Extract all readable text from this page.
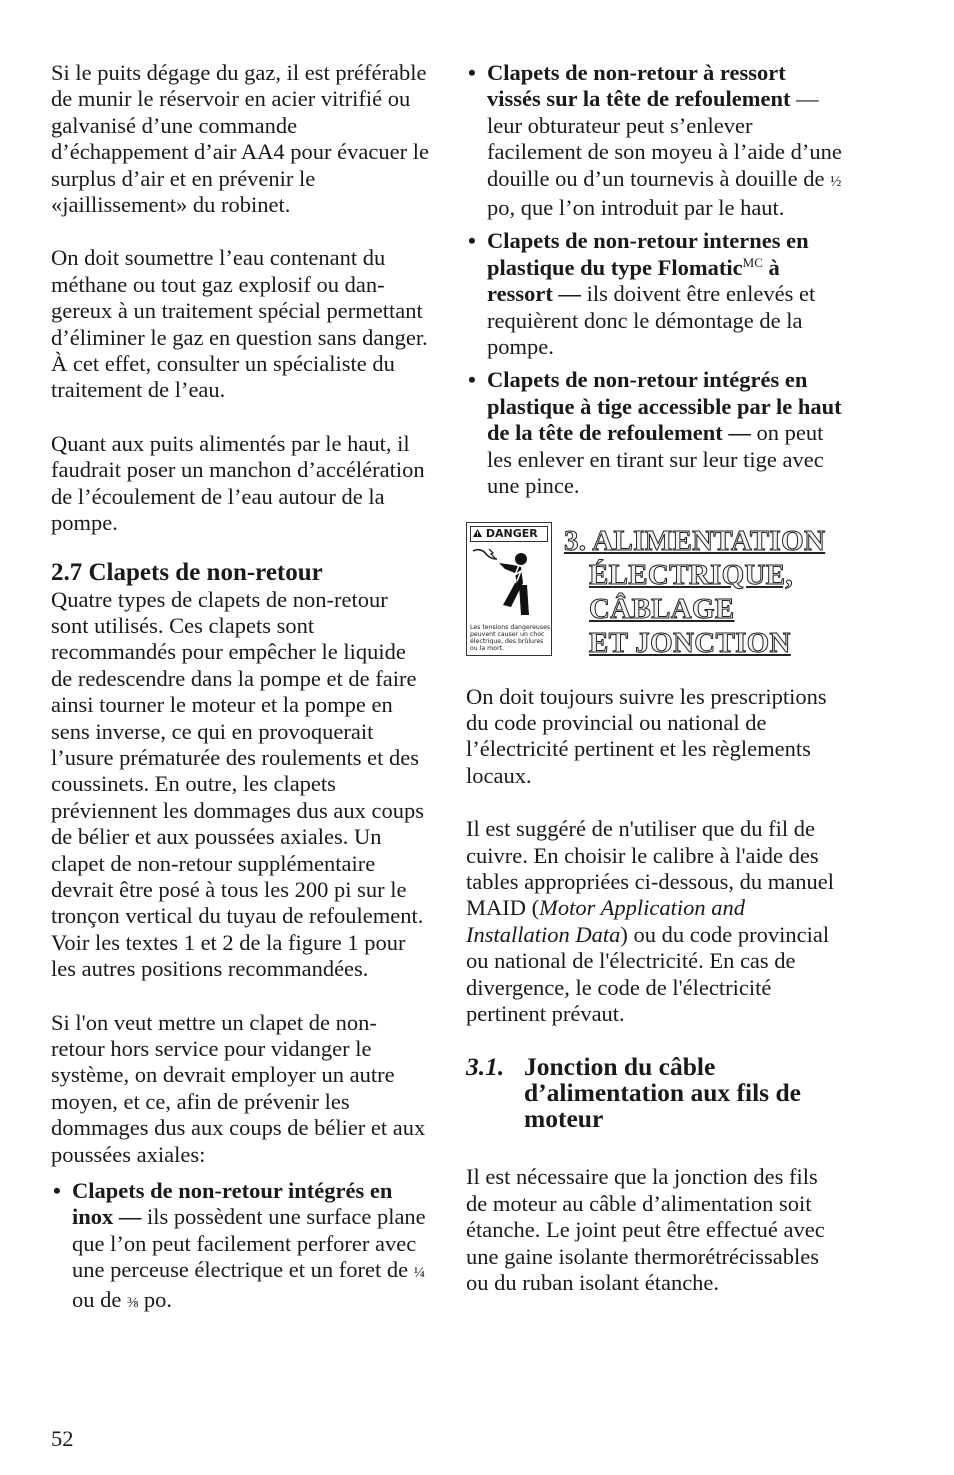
Si le puits dégage du gaz, il est préférable de munir le réservoir en acier vitrifié ou galvanisé d’une commande d’échappement d’air AA4 pour évacuer le surplus d’air et en prévenir le «jaillissement» du robinet.

On doit soumettre l’eau contenant du méthane ou tout gaz explosif ou dangereux à un traitement spécial permettant d’éliminer le gaz en question sans danger. À cet effet, consulter un spécialiste du traitement de l’eau.

Quant aux puits alimentés par le haut, il faudrait poser un manchon d’accélération de l’écoulement de l’eau autour de la pompe.

2.7 Clapets de non-retour

Quatre types de clapets de non-retour sont utilisés. Ces clapets sont recommandés pour empêcher le liquide de redescendre dans la pompe et de faire ainsi tourner le moteur et la pompe en sens inverse, ce qui en provoquerait l’usure prématurée des roulements et des coussinets. En outre, les clapets préviennent les dommages dus aux coups de bélier et aux poussées axiales. Un clapet de non-retour supplémentaire devrait être posé à tous les 200 pi sur le tronçon vertical du tuyau de refoulement. Voir les textes 1 et 2 de la figure 1 pour les autres positions recommandées.

Si l'on veut mettre un clapet de non-retour hors service pour vidanger le système, on devrait employer un autre moyen, et ce, afin de prévenir les dommages dus aux coups de bélier et aux poussées axiales:

• Clapets de non-retour intégrés en inox — ils possèdent une surface plane que l’on peut facilement perforer avec une perceuse électrique et un foret de ¼ ou de ⅜ po.
• Clapets de non-retour à ressort vissés sur la tête de refoulement — leur obturateur peut s’enlever facilement de son moyeu à l’aide d’une douille ou d’un tournevis à douille de ½ po, que l’on introduit par le haut.
• Clapets de non-retour internes en plastique du type Flomatic$^{MC}$ à ressort — ils doivent être enlevés et requièrent donc le démontage de la pompe.
• Clapets de non-retour intégrés en plastique à tige accessible par le haut de la tête de refoulement — on peut les enlever en tirant sur leur tige avec une pince.
DANGER
Les tensions dangereuses peuvent causer un choc électrique, des brûlures ou la mort.
3. ALIMENTATION
ÉLECTRIQUE,
CÂBLAGE
ET JONCTION

On doit toujours suivre les prescriptions du code provincial ou national de l’électricité pertinent et les règlements locaux.

Il est suggéré de n'utiliser que du fil de cuivre. En choisir le calibre à l'aide des tables appropriées ci-dessous, du manuel MAID (Motor Application and Installation Data) ou du code provincial ou national de l'électricité. En cas de divergence, le code de l'électricité pertinent prévaut.

3.1. Jonction du câble d’alimentation aux fils de moteur

Il est nécessaire que la jonction des fils de moteur au câble d’alimentation soit étanche. Le joint peut être effectué avec une gaine isolante thermorétrécissables ou du ruban isolant étanche.

52
